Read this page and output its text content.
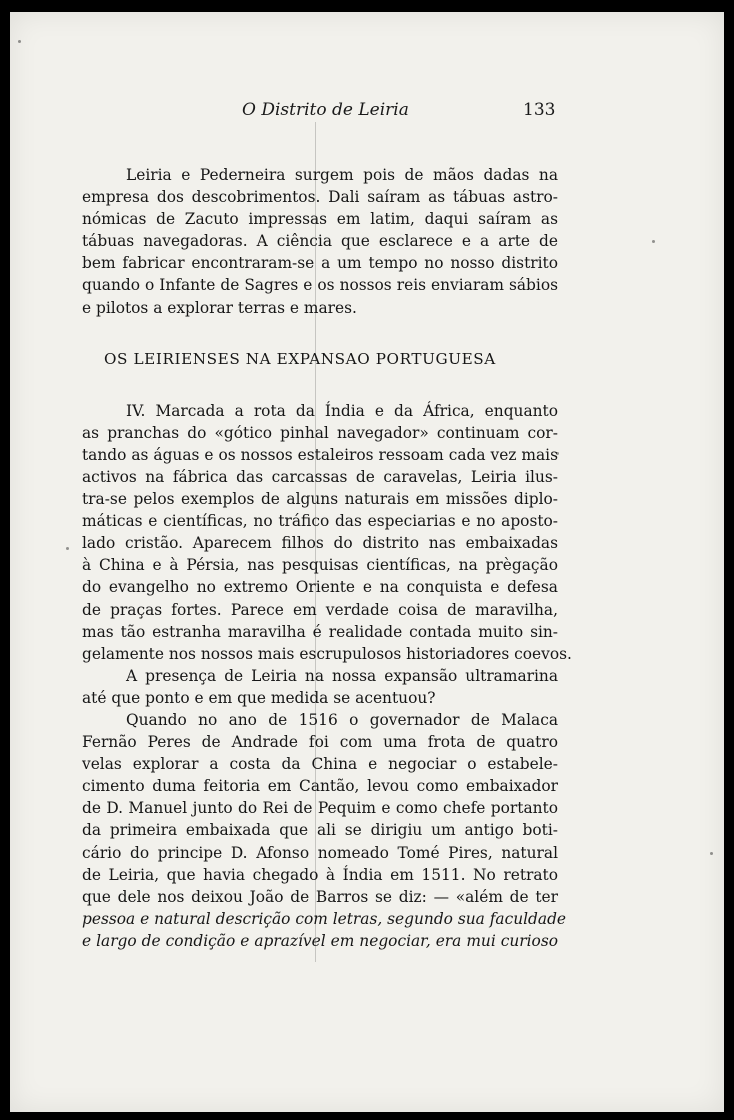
O Distrito de Leiria	133
Leiria e Pederneira surgem pois de mãos dadas na
empresa dos descobrimentos. Dali saíram as tábuas astro-
nómicas de Zacuto impressas em latim, daqui saíram as
tábuas navegadoras. A ciência que esclarece e a arte de
bem fabricar encontraram-se a um tempo no nosso distrito
quando o Infante de Sagres e os nossos reis enviaram sábios
e pilotos a explorar terras e mares.
OS LEIRIENSES NA EXPANSAO PORTUGUESA
IV. Marcada a rota da Índia e da África, enquanto
as pranchas do «gótico pinhal navegador» continuam cor-
tando as águas e os nossos estaleiros ressoam cada vez mais
activos na fábrica das carcassas de caravelas, Leiria ilus-
tra-se pelos exemplos de alguns naturais em missões diplo-
máticas e científicas, no tráfico das especiarias e no aposto-
lado cristão. Aparecem filhos do distrito nas embaixadas
à China e à Pérsia, nas pesquisas científicas, na prègação
do evangelho no extremo Oriente e na conquista e defesa
de praças fortes. Parece em verdade coisa de maravilha,
mas tão estranha maravilha é realidade contada muito sin-
gelamente nos nossos mais escrupulosos historiadores coevos.
A presença de Leiria na nossa expansão ultramarina
até que ponto e em que medida se acentuou?
Quando no ano de 1516 o governador de Malaca
Fernão Peres de Andrade foi com uma frota de quatro
velas explorar a costa da China e negociar o estabele-
cimento duma feitoria em Cantão, levou como embaixador
de D. Manuel junto do Rei de Pequim e como chefe portanto
da primeira embaixada que ali se dirigiu um antigo boti-
cário do principe D. Afonso nomeado Tomé Pires, natural
de Leiria, que havia chegado à Índia em 1511. No retrato
que dele nos deixou João de Barros se diz: — «além de ter
pessoa e natural descrição com letras, segundo sua faculdade
e largo de condição e aprazível em negociar, era mui curioso
